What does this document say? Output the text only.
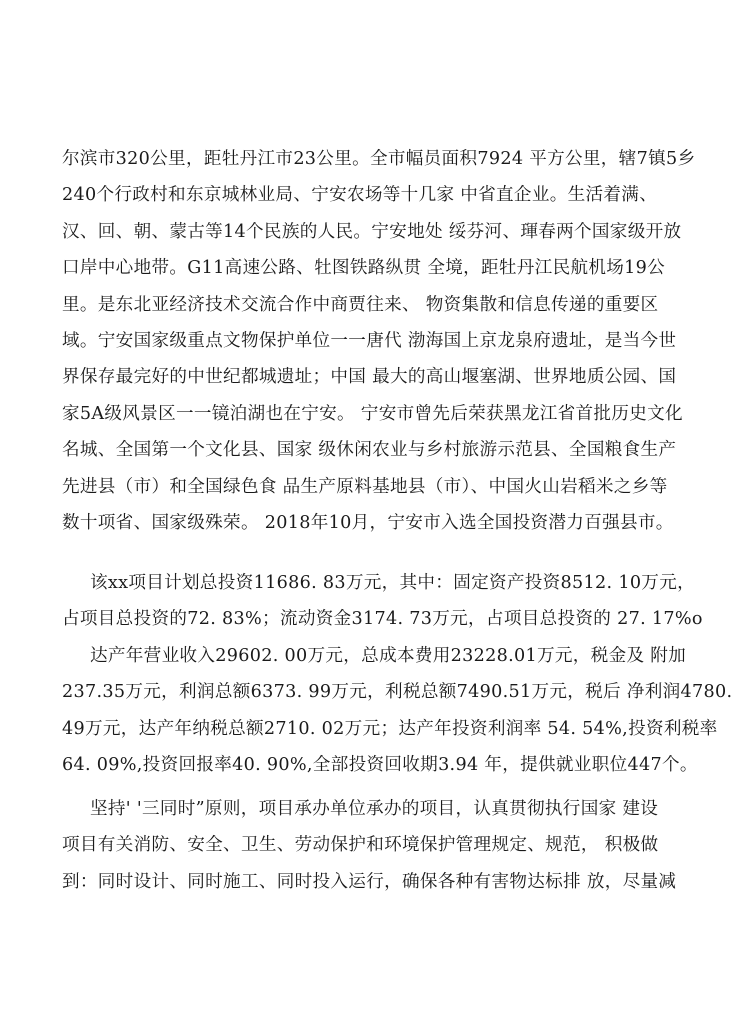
尔滨市320公里，距牡丹江市23公里。全市幅员面积7924 平方公里，辖7镇5乡
240个行政村和东京城林业局、宁安农场等十几家 中省直企业。生活着满、
汉、回、朝、蒙古等14个民族的人民。宁安地处 绥芬河、琿春两个国家级开放
口岸中心地带。G11高速公路、牡图铁路纵贯 全境，距牡丹江民航机场19公
里。是东北亚经济技术交流合作中商贾往来、 物资集散和信息传递的重要区
域。宁安国家级重点文物保护单位一一唐代 渤海国上京龙泉府遗址，是当今世
界保存最完好的中世纪都城遗址；中国 最大的高山堰塞湖、世界地质公园、国
家5A级风景区一一镜泊湖也在宁安。 宁安市曾先后荣获黑龙江省首批历史文化
名城、全国第一个文化县、国家 级休闲农业与乡村旅游示范县、全国粮食生产
先进县（市）和全国绿色食 品生产原料基地县（市）、中国火山岩稻米之乡等
数十项省、国家级殊荣。 2018年10月，宁安市入选全国投资潜力百强县市。
该xx项目计划总投资11686. 83万元，其中：固定资产投资8512. 10万元，
占项目总投资的72. 83%；流动资金3174. 73万元，占项目总投资的 27. 17%o
达产年营业收入29602. 00万元，总成本费用23228.01万元，税金及 附加
237.35万元，利润总额6373. 99万元，利税总额7490.51万元，税后 净利润4780.
49万元，达产年纳税总额2710. 02万元；达产年投资利润率 54. 54%,投资利税率
64. 09%,投资回报率40. 90%,全部投资回收期3.94 年，提供就业职位447个。
坚持' '三同时”原则，项目承办单位承办的项目，认真贯彻执行国家 建设
项目有关消防、安全、卫生、劳动保护和环境保护管理规定、规范， 积极做
到：同时设计、同时施工、同时投入运行，确保各种有害物达标排 放，尽量减
